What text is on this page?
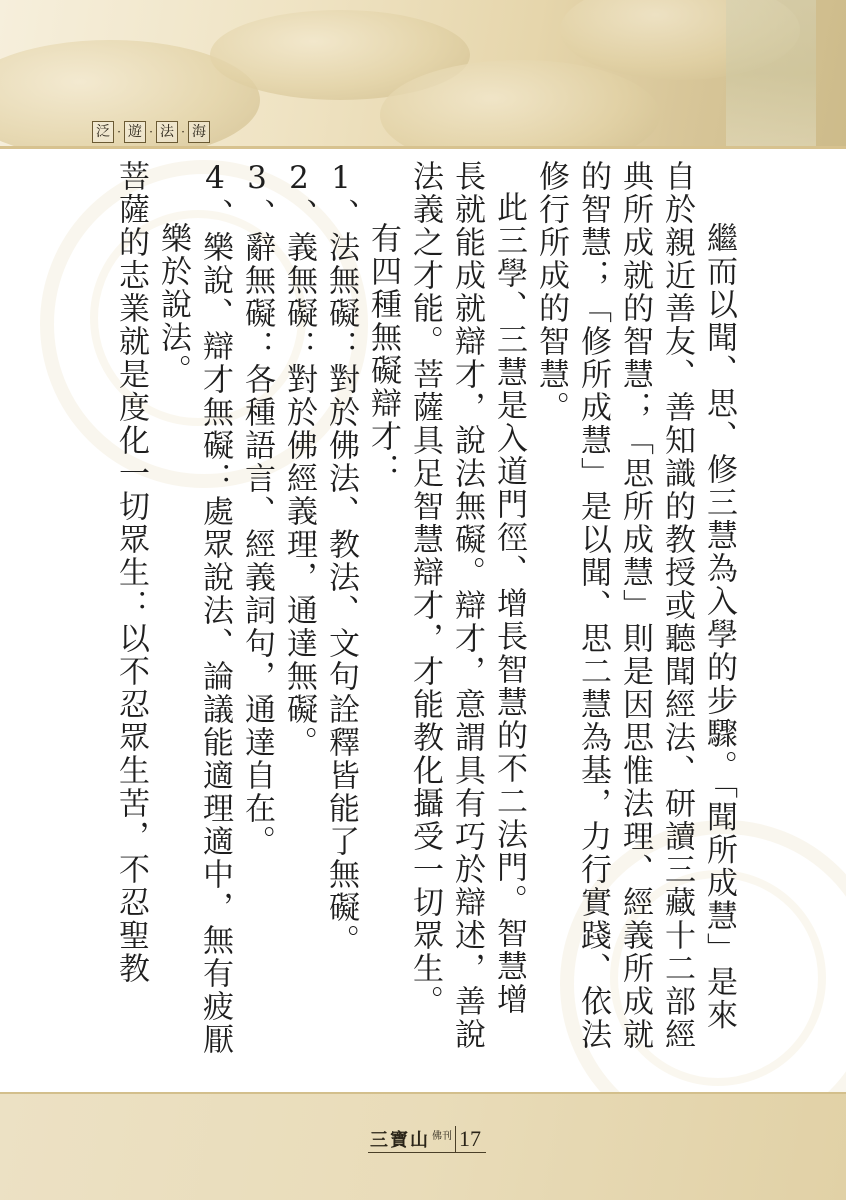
泛 · 遊 · 法 · 海

繼而以聞、思、修三慧為入學的步驟。「聞所成慧」是來

自於親近善友、善知識的教授或聽聞經法、研讀三藏十二部經

典所成就的智慧；「思所成慧」則是因思惟法理、經義所成就

的智慧；「修所成慧」是以聞、思二慧為基，力行實踐、依法

修行所成的智慧。

此三學、三慧是入道門徑、增長智慧的不二法門。智慧增

長就能成就辯才，說法無礙。辯才，意謂具有巧於辯述，善說

法義之才能。菩薩具足智慧辯才，才能教化攝受一切眾生。

有四種無礙辯才：

1、法無礙：對於佛法、教法、文句詮釋皆能了無礙。

2、義無礙：對於佛經義理，通達無礙。

3、辭無礙：各種語言、經義詞句，通達自在。

4、樂說、辯才無礙：處眾說法、論議能適理適中，無有疲厭

樂於說法。

菩薩的志業就是度化一切眾生：以不忍眾生苦，不忍聖教

三寶山 佛刊 17
